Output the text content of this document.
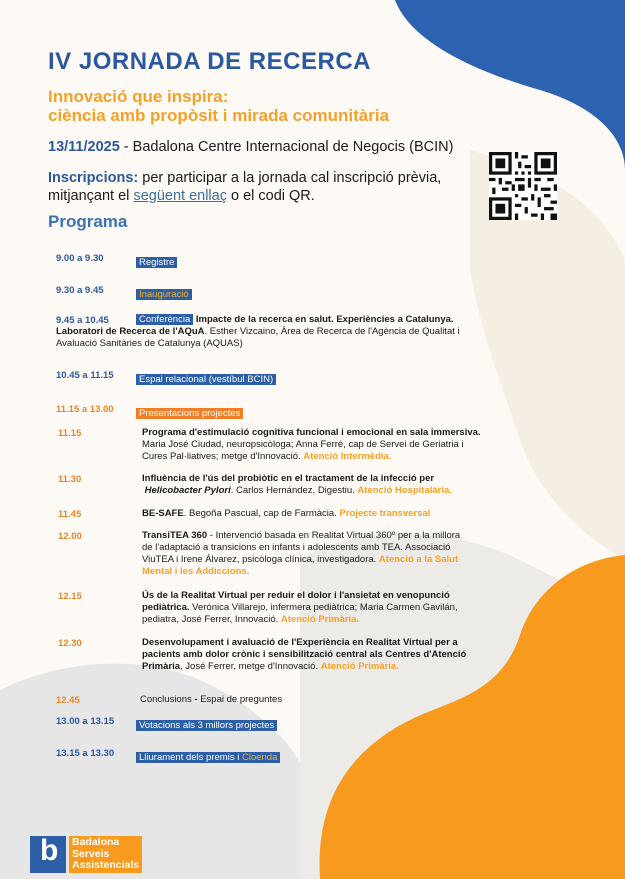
IV JORNADA DE RECERCA
Innovació que inspira:
ciència amb propòsit i mirada comunitària
13/11/2025 - Badalona Centre Internacional de Negocis (BCIN)
Inscripcions: per participar a la jornada cal inscripció prèvia,
mitjançant el següent enllaç o el codi QR.
Programa
9.00 a 9.30	Registre
9.30 a 9.45	Inauguració
9.45 a 10.45	Conferència Impacte de la recerca en salut. Experiències a Catalunya.
Laboratori de Recerca de l'AQuA. Esther Vizcaino, Àrea de Recerca de l'Agència de Qualitat i
Avaluació Sanitàries de Catalunya (AQUAS)
10.45 a 11.15	Espai relacional (vestíbul BCIN)
11.15 a 13.00	Presentacions projectes
11.15	Programa d'estimulació cognitiva funcional i emocional en sala immersiva.
Maria José Ciudad, neuropsicòloga; Anna Ferré, cap de Servei de Geriatria i
Cures Pal·liatives; metge d'Innovació. Atenció Intermèdia.
11.30	Influència de l'ús del probiòtic en el tractament de la infecció per
Helicobacter Pylori. Carlos Hernández, Digestiu. Atenció Hospitalària.
11.45	BE-SAFE. Begoña Pascual, cap de Farmàcia. Projecte transversal
12.00	TransiTEA 360 - Intervenció basada en Realitat Virtual 360º per a la millora
de l'adaptació a transicions en infants i adolescents amb TEA. Associació
ViuTEA i Irene Álvarez, psicòloga clínica, investigadora. Atenció a la Salut
Mental i les Addiccions.
12.15	Ús de la Realitat Virtual per reduir el dolor i l'ansietat en venopunció
pediàtrica. Verónica Villarejo, infermera pediàtrica; Maria Carmen Gavilán,
pediatra, José Ferrer, Innovació. Atenció Primària.
12.30	Desenvolupament i avaluació de l'Experiència en Realitat Virtual per a
pacients amb dolor crònic i sensibilització central als Centres d'Atenció
Primària, José Ferrer, metge d'Innovació. Atenció Primària.
12.45	Conclusions - Espai de preguntes
13.00 a 13.15	Votacions als 3 millors projectes
13.15 a 13.30	Lliurament dels premis i Cloenda
b Badalona
Serveis
Assistencials
